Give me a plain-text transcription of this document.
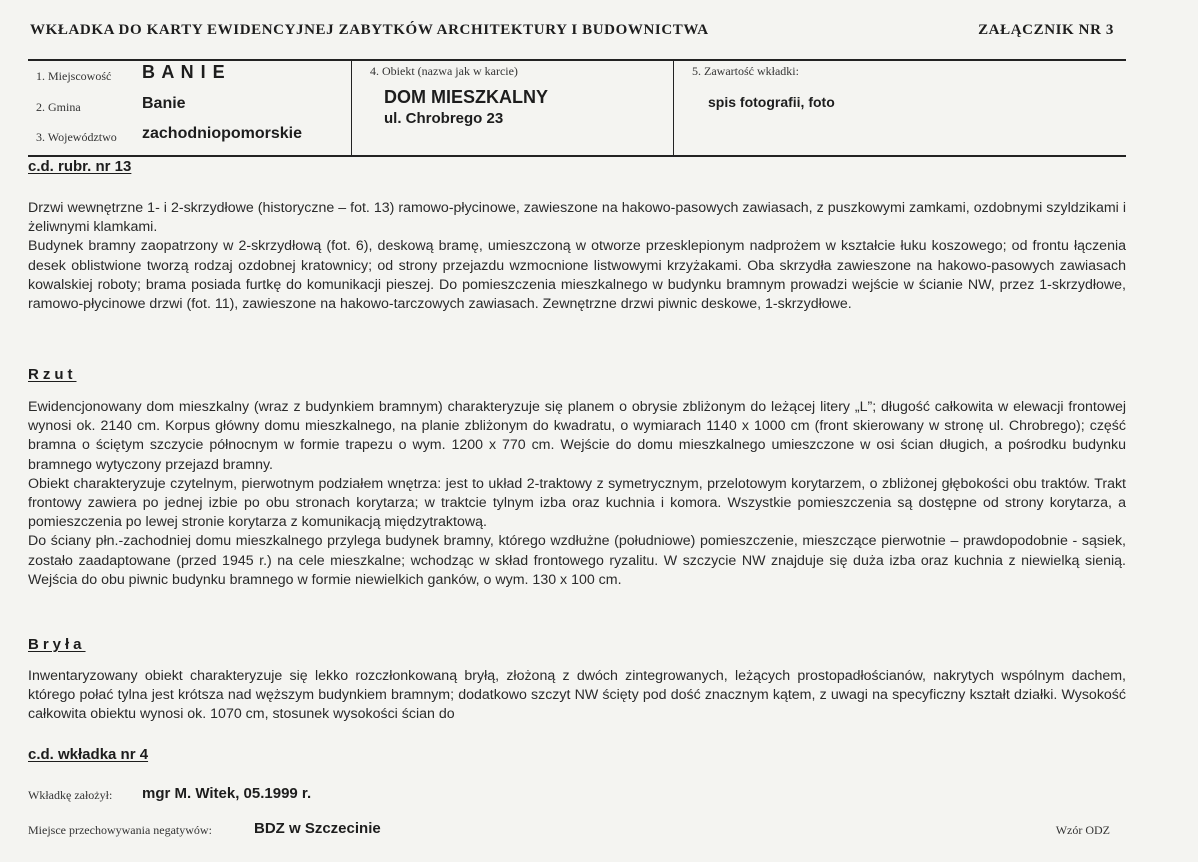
WKŁADKA DO KARTY EWIDENCYJNEJ ZABYTKÓW ARCHITEKTURY I BUDOWNICTWA	ZAŁĄCZNIK NR 3
1. Miejscowość B A N I E
2. Gmina	Banie
3. Województwo zachodniopomorskie
4. Obiekt (nazwa jak w karcie)
DOM MIESZKALNY
ul. Chrobrego 23
5. Zawartość wkładki:
spis fotografii, foto
c.d. rubr. nr 13

Drzwi wewnętrzne 1- i 2-skrzydłowe (historyczne – fot. 13) ramowo-płycinowe, zawieszone na hakowo-pasowych zawiasach, z puszkowymi zamkami, ozdobnymi szyldzikami i żeliwnymi klamkami.

Budynek bramny zaopatrzony w 2-skrzydłową (fot. 6), deskową bramę, umieszczoną w otworze przesklepionym nadprożem w kształcie łuku koszowego; od frontu łączenia desek oblistwione tworzą rodzaj ozdobnej kratownicy; od strony przejazdu wzmocnione listwowymi krzyżakami. Oba skrzydła zawieszone na hakowo-pasowych zawiasach kowalskiej roboty; brama posiada furtkę do komunikacji pieszej. Do pomieszczenia mieszkalnego w budynku bramnym prowadzi wejście w ścianie NW, przez 1-skrzydłowe, ramowo-płycinowe drzwi (fot. 11), zawieszone na hakowo-tarczowych zawiasach. Zewnętrzne drzwi piwnic deskowe, 1-skrzydłowe.

Rzut

Ewidencjonowany dom mieszkalny (wraz z budynkiem bramnym) charakteryzuje się planem o obrysie zbliżonym do leżącej litery „L”; długość całkowita w elewacji frontowej wynosi ok. 2140 cm. Korpus główny domu mieszkalnego, na planie zbliżonym do kwadratu, o wymiarach 1140 x 1000 cm (front skierowany w stronę ul. Chrobrego); część bramna o ściętym szczycie północnym w formie trapezu o wym. 1200 x 770 cm. Wejście do domu mieszkalnego umieszczone w osi ścian długich, a pośrodku budynku bramnego wytyczony przejazd bramny.

Obiekt charakteryzuje czytelnym, pierwotnym podziałem wnętrza: jest to układ 2-traktowy z symetrycznym, przelotowym korytarzem, o zbliżonej głębokości obu traktów. Trakt frontowy zawiera po jednej izbie po obu stronach korytarza; w traktcie tylnym izba oraz kuchnia i komora. Wszystkie pomieszczenia są dostępne od strony korytarza, a pomieszczenia po lewej stronie korytarza z komunikacją międzytraktową.

Do ściany płn.-zachodniej domu mieszkalnego przylega budynek bramny, którego wzdłużne (południowe) pomieszczenie, mieszczące pierwotnie – prawdopodobnie - sąsiek, zostało zaadaptowane (przed 1945 r.) na cele mieszkalne; wchodząc w skład frontowego ryzalitu. W szczycie NW znajduje się duża izba oraz kuchnia z niewielką sienią. Wejścia do obu piwnic budynku bramnego w formie niewielkich ganków, o wym. 130 x 100 cm.

Bryła

Inwentaryzowany obiekt charakteryzuje się lekko rozczłonkowaną bryłą, złożoną z dwóch zintegrowanych, leżących prostopadłościanów, nakrytych wspólnym dachem, którego połać tylna jest krótsza nad węższym budynkiem bramnym; dodatkowo szczyt NW ścięty pod dość znacznym kątem, z uwagi na specyficzny kształt działki. Wysokość całkowita obiektu wynosi ok. 1070 cm, stosunek wysokości ścian do

c.d. wkładka nr 4
Wkładkę założył: mgr M. Witek, 05.1999 r.
Miejsce przechowywania negatywów:	BDZ w Szczecinie	Wzór ODZ
